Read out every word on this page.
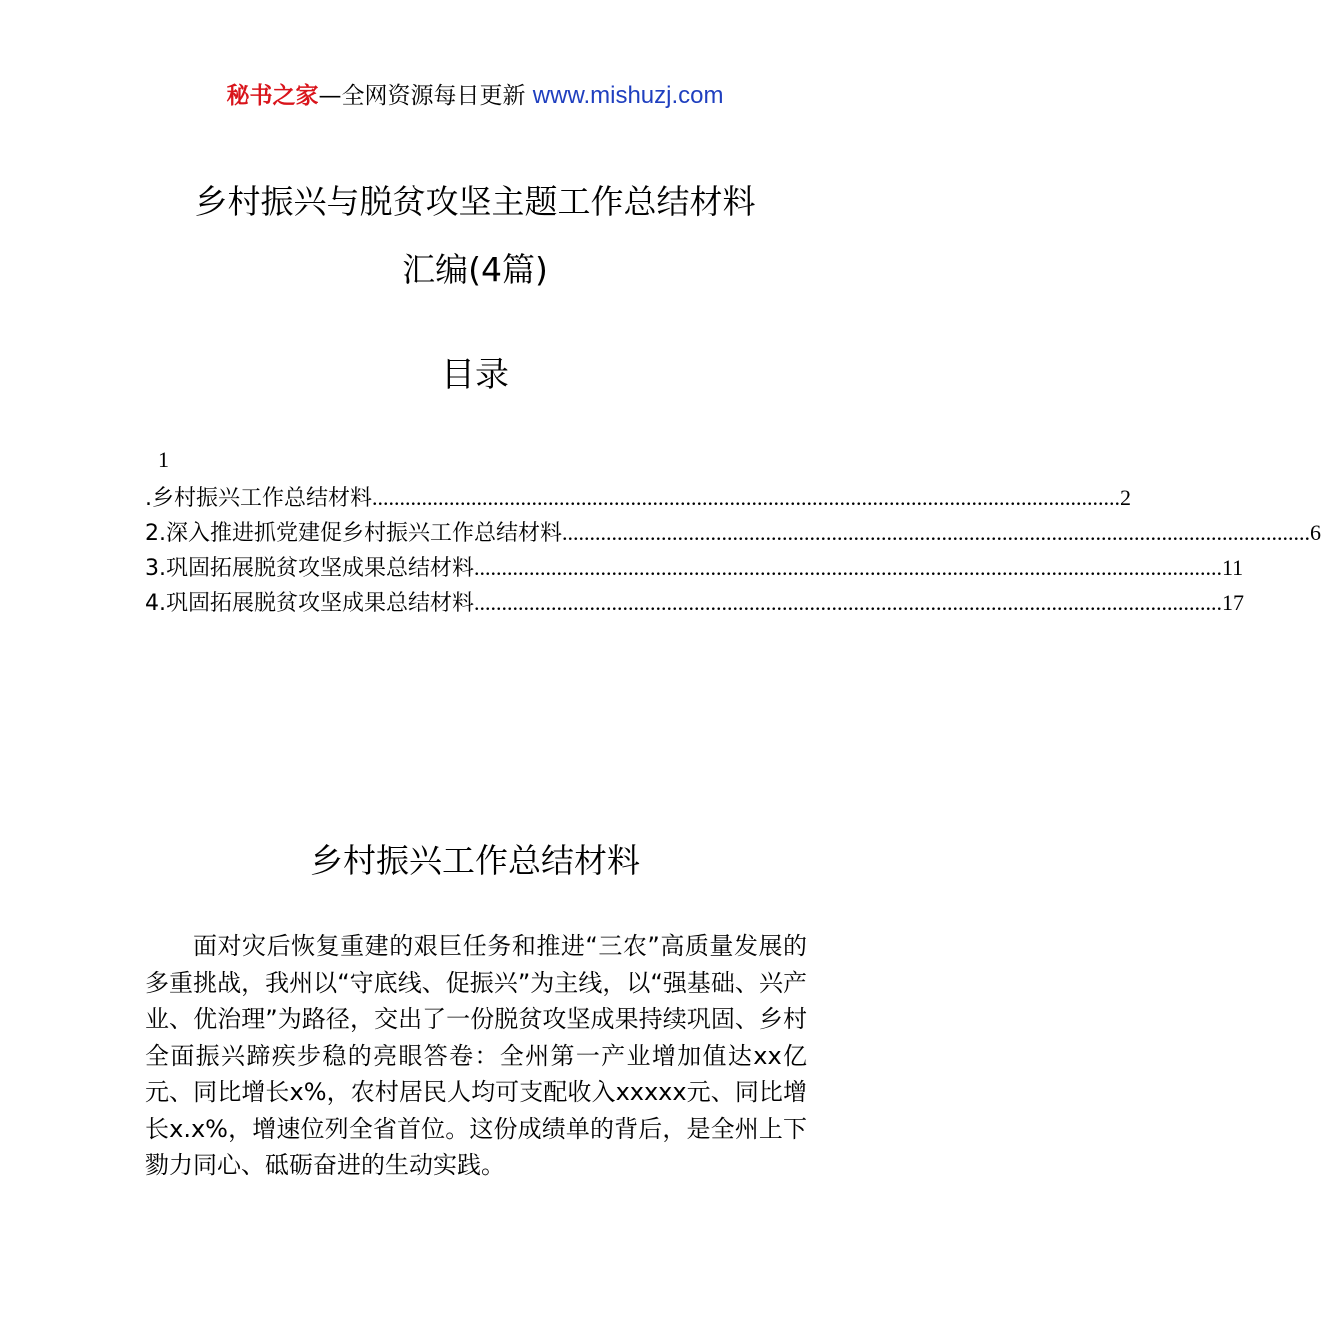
秘书之家—全网资源每日更新 www.mishuzj.com
乡村振兴与脱贫攻坚主题工作总结材料
汇编(4篇)
目录
1
.乡村振兴工作总结材料 ........................................................................................................................................ 2
2.深入推进抓党建促乡村振兴工作总结材料 ........................................................................................................................................ 6
3.巩固拓展脱贫攻坚成果总结材料 ........................................................................................................................................ 11
4.巩固拓展脱贫攻坚成果总结材料 ........................................................................................................................................ 17
乡村振兴工作总结材料
面对灾后恢复重建的艰巨任务和推进“三农”高质量发展的多重挑战，我州以“守底线、促振兴”为主线，以“强基础、兴产业、优治理”为路径，交出了一份脱贫攻坚成果持续巩固、乡村全面振兴蹄疾步稳的亮眼答卷：全州第一产业增加值达xx亿元、同比增长x%，农村居民人均可支配收入xxxxx元、同比增长x.x%，增速位列全省首位。这份成绩单的背后，是全州上下勠力同心、砥砺奋进的生动实践。
